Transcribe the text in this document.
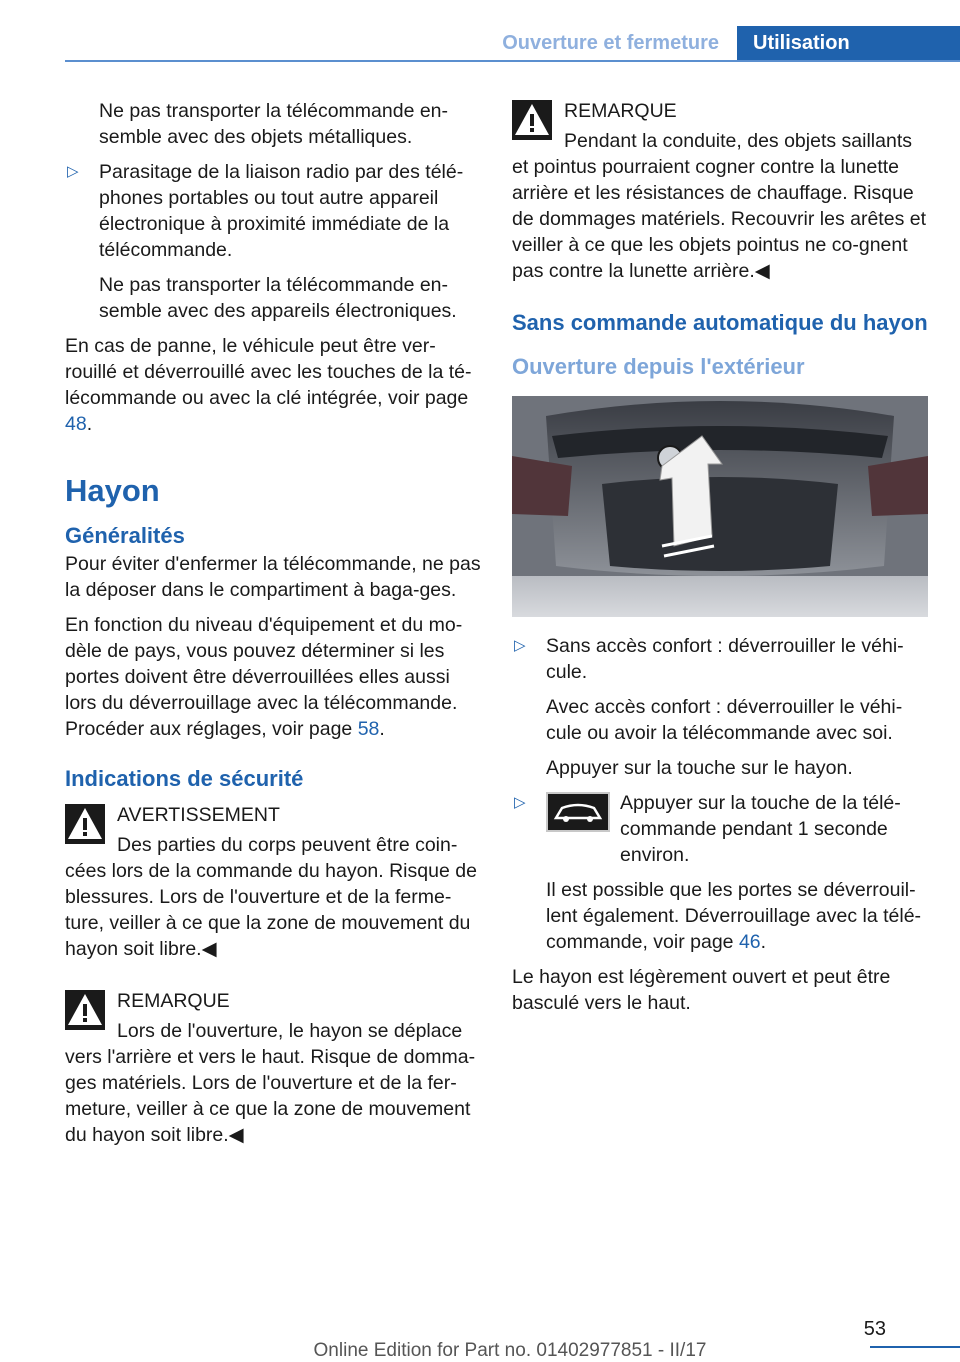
Ouverture et fermeture	Utilisation

Ne pas transporter la télécommande en‐semble avec des objets métalliques.

▷ Parasitage de la liaison radio par des télé‐phones portables ou tout autre appareil électronique à proximité immédiate de la télécommande.

Ne pas transporter la télécommande en‐semble avec des appareils électroniques.

En cas de panne, le véhicule peut être ver‐rouillé et déverrouillé avec les touches de la té‐lécommande ou avec la clé intégrée, voir page 48.

Hayon
Généralités

Pour éviter d'enfermer la télécommande, ne pas la déposer dans le compartiment à baga‐ges.

En fonction du niveau d'équipement et du mo‐dèle de pays, vous pouvez déterminer si les portes doivent être déverrouillées elles aussi lors du déverrouillage avec la télécommande. Procéder aux réglages, voir page 58.

Indications de sécurité
AVERTISSEMENT

Des parties du corps peuvent être coin‐cées lors de la commande du hayon. Risque de blessures. Lors de l'ouverture et de la ferme‐ture, veiller à ce que la zone de mouvement du hayon soit libre.◀

REMARQUE

Lors de l'ouverture, le hayon se déplace vers l'arrière et vers le haut. Risque de domma‐ges matériels. Lors de l'ouverture et de la fer‐meture, veiller à ce que la zone de mouvement du hayon soit libre.◀

REMARQUE

Pendant la conduite, des objets saillants et pointus pourraient cogner contre la lunette arrière et les résistances de chauffage. Risque de dommages matériels. Recouvrir les arêtes et veiller à ce que les objets pointus ne co‐gnent pas contre la lunette arrière.◀

Sans commande automatique du hayon
Ouverture depuis l'extérieur
▷ Sans accès confort : déverrouiller le véhi‐cule.

Avec accès confort : déverrouiller le véhi‐cule ou avoir la télécommande avec soi.

Appuyer sur la touche sur le hayon.

▷	Appuyer sur la touche de la télé‐commande pendant 1 seconde environ.

Il est possible que les portes se déverrouil‐lent également. Déverrouillage avec la télé‐commande, voir page 46.

Le hayon est légèrement ouvert et peut être basculé vers le haut.

53
Online Edition for Part no. 01402977851 - II/17
